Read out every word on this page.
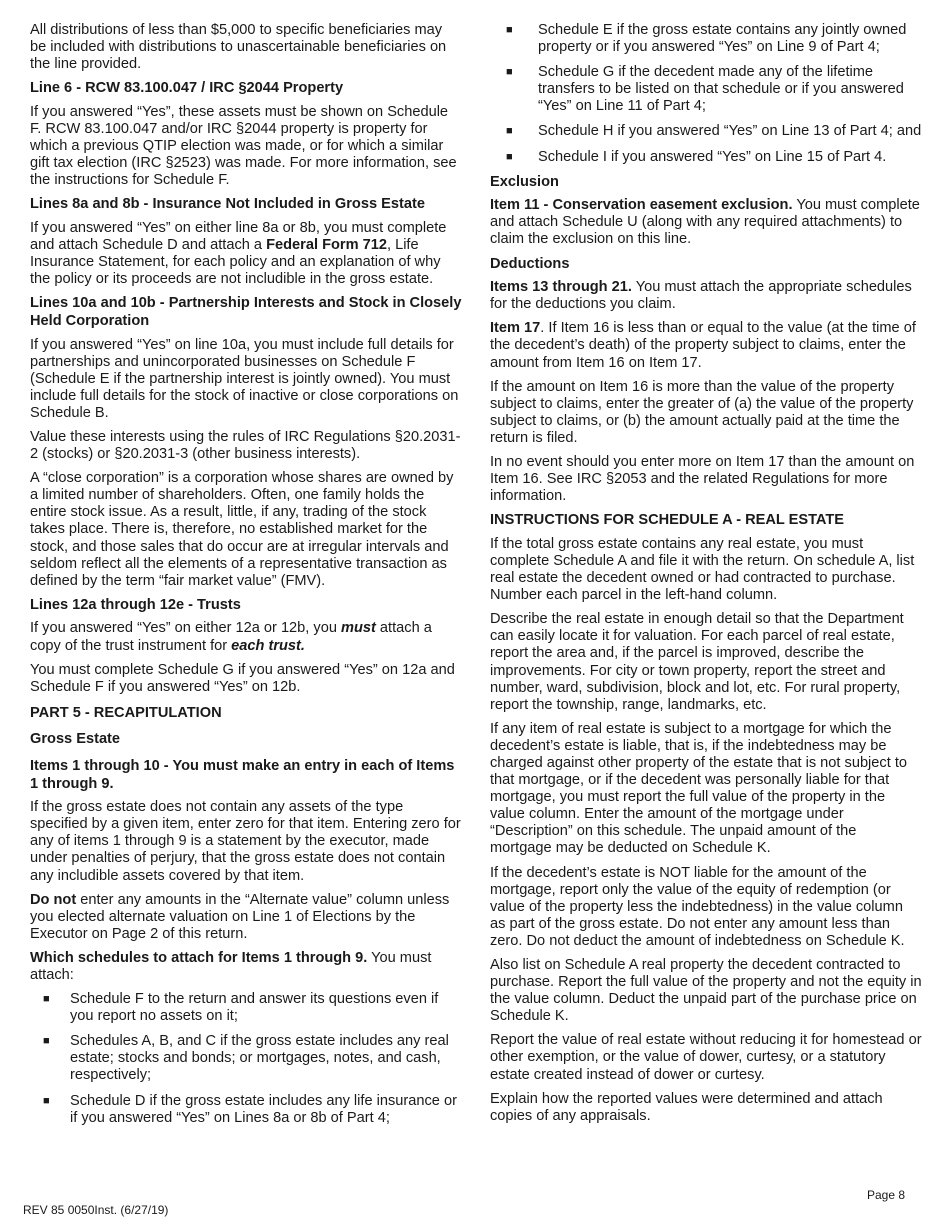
All distributions of less than $5,000 to specific beneficiaries may be included with distributions to unascertainable beneficiaries on the line provided.

Line 6 - RCW 83.100.047 / IRC §2044 Property

If you answered “Yes”, these assets must be shown on Schedule F. RCW 83.100.047 and/or IRC §2044 property is property for which a previous QTIP election was made, or for which a similar gift tax election (IRC §2523) was made. For more information, see the instructions for Schedule F.

Lines 8a and 8b - Insurance Not Included in Gross Estate

If you answered “Yes” on either line 8a or 8b, you must complete and attach Schedule D and attach a Federal Form 712, Life Insurance Statement, for each policy and an explanation of why the policy or its proceeds are not includible in the gross estate.

Lines 10a and 10b - Partnership Interests and Stock in Closely Held Corporation

If you answered “Yes” on line 10a, you must include full details for partnerships and unincorporated businesses on Schedule F (Schedule E if the partnership interest is jointly owned). You must include full details for the stock of inactive or close corporations on Schedule B.

Value these interests using the rules of IRC Regulations §20.2031-2 (stocks) or §20.2031-3 (other business interests).

A “close corporation” is a corporation whose shares are owned by a limited number of shareholders. Often, one family holds the entire stock issue. As a result, little, if any, trading of the stock takes place. There is, therefore, no established market for the stock, and those sales that do occur are at irregular intervals and seldom reflect all the elements of a representative transaction as defined by the term “fair market value” (FMV).

Lines 12a through 12e - Trusts

If you answered “Yes” on either 12a or 12b, you must attach a copy of the trust instrument for each trust.

You must complete Schedule G if you answered “Yes” on 12a and Schedule F if you answered “Yes” on 12b.

PART 5 - RECAPITULATION
Gross Estate
Items 1 through 10 - You must make an entry in each of Items 1 through 9.

If the gross estate does not contain any assets of the type specified by a given item, enter zero for that item. Entering zero for any of items 1 through 9 is a statement by the executor, made under penalties of perjury, that the gross estate does not contain any includible assets covered by that item.

Do not enter any amounts in the “Alternate value” column unless you elected alternate valuation on Line 1 of Elections by the Executor on Page 2 of this return.

Which schedules to attach for Items 1 through 9. You must attach:

■ Schedule F to the return and answer its questions even if you report no assets on it;
■ Schedules A, B, and C if the gross estate includes any real estate; stocks and bonds; or mortgages, notes, and cash, respectively;
■ Schedule D if the gross estate includes any life insurance or if you answered “Yes” on Lines 8a or 8b of Part 4;
■ Schedule E if the gross estate contains any jointly owned property or if you answered “Yes” on Line 9 of Part 4;
■ Schedule G if the decedent made any of the lifetime transfers to be listed on that schedule or if you answered “Yes” on Line 11 of Part 4;
■ Schedule H if you answered “Yes” on Line 13 of Part 4; and
■ Schedule I if you answered “Yes” on Line 15 of Part 4.
Exclusion

Item 11 - Conservation easement exclusion. You must complete and attach Schedule U (along with any required attachments) to claim the exclusion on this line.

Deductions

Items 13 through 21. You must attach the appropriate schedules for the deductions you claim.

Item 17. If Item 16 is less than or equal to the value (at the time of the decedent’s death) of the property subject to claims, enter the amount from Item 16 on Item 17.

If the amount on Item 16 is more than the value of the property subject to claims, enter the greater of (a) the value of the property subject to claims, or (b) the amount actually paid at the time the return is filed.

In no event should you enter more on Item 17 than the amount on Item 16. See IRC §2053 and the related Regulations for more information.

INSTRUCTIONS FOR SCHEDULE A - REAL ESTATE

If the total gross estate contains any real estate, you must complete Schedule A and file it with the return. On schedule A, list real estate the decedent owned or had contracted to purchase. Number each parcel in the left-hand column.

Describe the real estate in enough detail so that the Department can easily locate it for valuation. For each parcel of real estate, report the area and, if the parcel is improved, describe the improvements. For city or town property, report the street and number, ward, subdivision, block and lot, etc. For rural property, report the township, range, landmarks, etc.

If any item of real estate is subject to a mortgage for which the decedent’s estate is liable, that is, if the indebtedness may be charged against other property of the estate that is not subject to that mortgage, or if the decedent was personally liable for that mortgage, you must report the full value of the property in the value column. Enter the amount of the mortgage under “Description” on this schedule. The unpaid amount of the mortgage may be deducted on Schedule K.

If the decedent’s estate is NOT liable for the amount of the mortgage, report only the value of the equity of redemption (or value of the property less the indebtedness) in the value column as part of the gross estate. Do not enter any amount less than zero. Do not deduct the amount of indebtedness on Schedule K.

Also list on Schedule A real property the decedent contracted to purchase. Report the full value of the property and not the equity in the value column. Deduct the unpaid part of the purchase price on Schedule K.

Report the value of real estate without reducing it for homestead or other exemption, or the value of dower, curtesy, or a statutory estate created instead of dower or curtesy.

Explain how the reported values were determined and attach copies of any appraisals.

Page 8
REV 85 0050Inst. (6/27/19)
